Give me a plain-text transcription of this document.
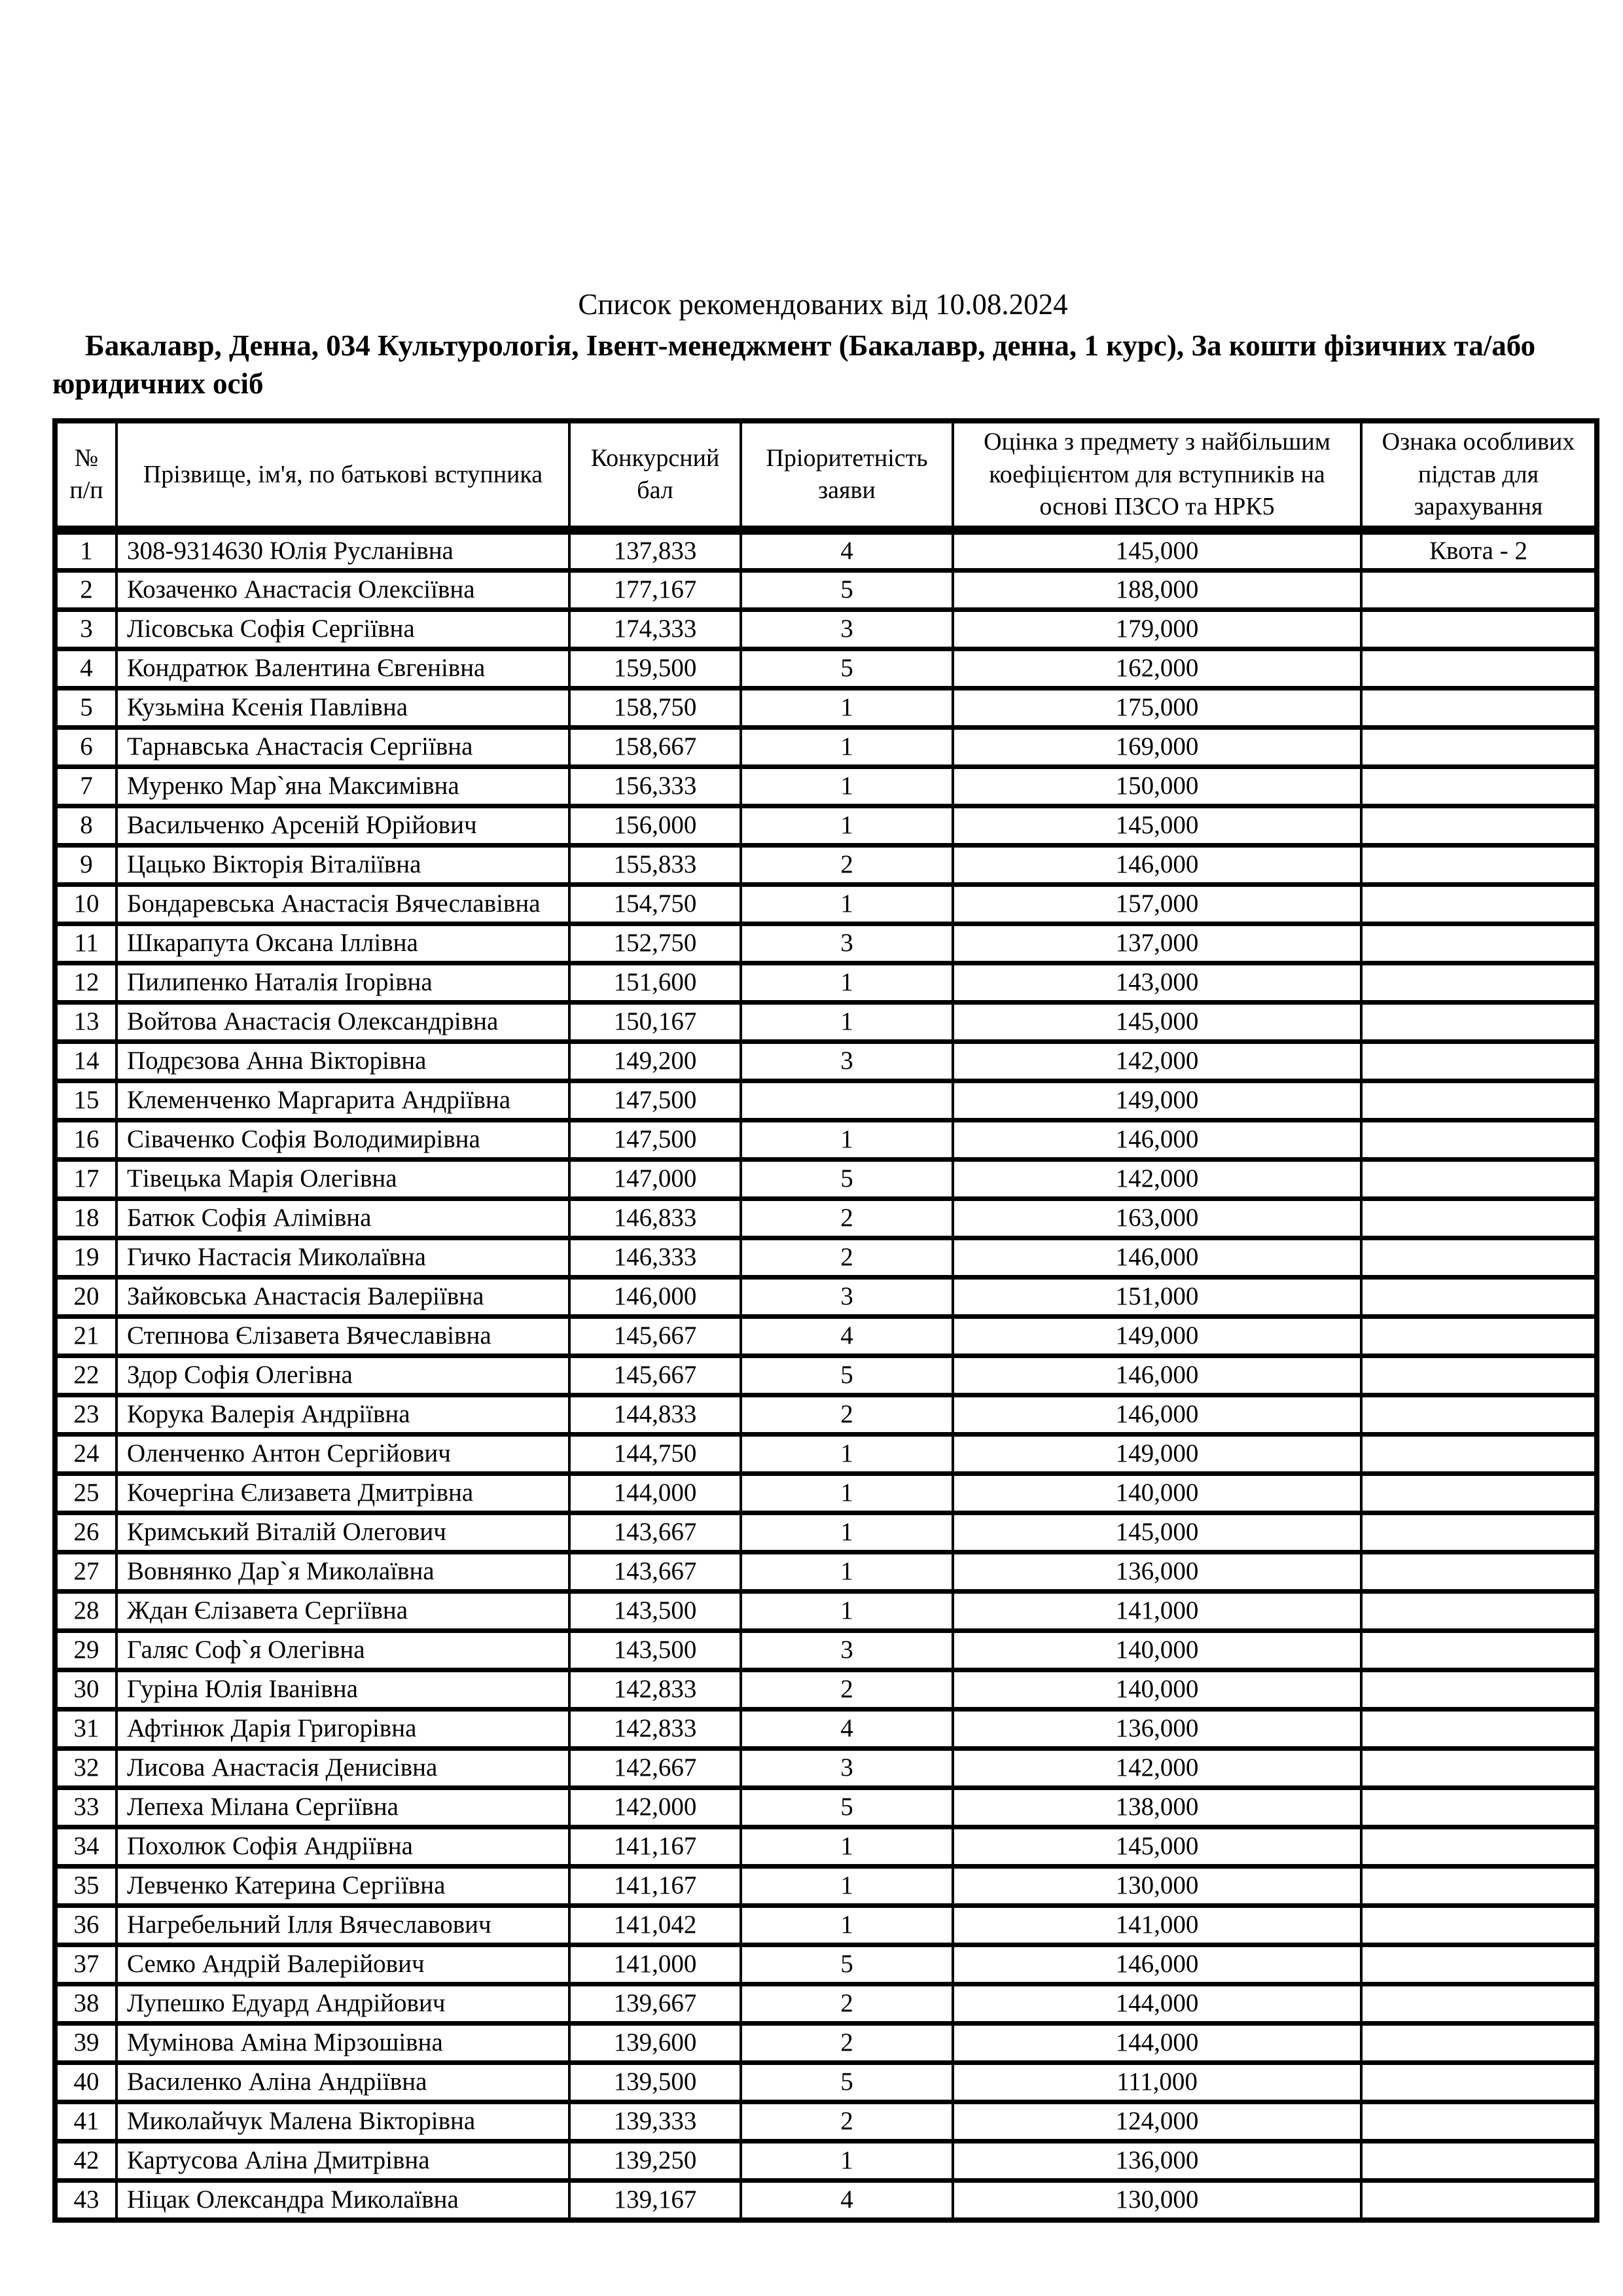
Список рекомендованих від 10.08.2024
Бакалавр, Денна, 034 Культурологія, Івент-менеджмент (Бакалавр, денна, 1 курс), За кошти фізичних та/або юридичних осіб
№ п/п	Прізвище, ім'я, по батькові вступника	Конкурсний бал	Пріоритетність заяви	Оцінка з предмету з найбільшим коефіцієнтом для вступників на основі ПЗСО та НРК5	Ознака особливих підстав для зарахування
1	308-9314630 Юлія Русланівна	137,833	4	145,000	Квота - 2
2	Козаченко Анастасія Олексіївна	177,167	5	188,000	
3	Лісовська Софія Сергіївна	174,333	3	179,000	
4	Кондратюк Валентина Євгенівна	159,500	5	162,000	
5	Кузьміна Ксенія Павлівна	158,750	1	175,000	
6	Тарнавська Анастасія Сергіївна	158,667	1	169,000	
7	Муренко Мар`яна Максимівна	156,333	1	150,000	
8	Васильченко Арсеній Юрійович	156,000	1	145,000	
9	Цацько Вікторія Віталіївна	155,833	2	146,000	
10	Бондаревська Анастасія Вячеславівна	154,750	1	157,000	
11	Шкарапута Оксана Іллівна	152,750	3	137,000	
12	Пилипенко Наталія Ігорівна	151,600	1	143,000	
13	Войтова Анастасія Олександрівна	150,167	1	145,000	
14	Подрєзова Анна Вікторівна	149,200	3	142,000	
15	Клеменченко Маргарита Андріївна	147,500		149,000	
16	Сіваченко Софія Володимирівна	147,500	1	146,000	
17	Тівецька Марія Олегівна	147,000	5	142,000	
18	Батюк Софія Алімівна	146,833	2	163,000	
19	Гичко Настасія Миколаївна	146,333	2	146,000	
20	Зайковська Анастасія Валеріївна	146,000	3	151,000	
21	Степнова Єлізавета Вячеславівна	145,667	4	149,000	
22	Здор Софія Олегівна	145,667	5	146,000	
23	Корука Валерія Андріївна	144,833	2	146,000	
24	Оленченко Антон Сергійович	144,750	1	149,000	
25	Кочергіна Єлизавета Дмитрівна	144,000	1	140,000	
26	Кримський Віталій Олегович	143,667	1	145,000	
27	Вовнянко Дар`я Миколаївна	143,667	1	136,000	
28	Ждан Єлізавета Сергіївна	143,500	1	141,000	
29	Галяс Соф`я Олегівна	143,500	3	140,000	
30	Гуріна Юлія Іванівна	142,833	2	140,000	
31	Афтінюк Дарія Григорівна	142,833	4	136,000	
32	Лисова Анастасія Денисівна	142,667	3	142,000	
33	Лепеха Мілана Сергіївна	142,000	5	138,000	
34	Похолюк Софія Андріївна	141,167	1	145,000	
35	Левченко Катерина Сергіївна	141,167	1	130,000	
36	Нагребельний Ілля Вячеславович	141,042	1	141,000	
37	Семко Андрій Валерійович	141,000	5	146,000	
38	Лупешко Едуард Андрійович	139,667	2	144,000	
39	Мумінова Аміна Мірзошівна	139,600	2	144,000	
40	Василенко Аліна Андріївна	139,500	5	111,000	
41	Миколайчук Малена Вікторівна	139,333	2	124,000	
42	Картусова Аліна Дмитрівна	139,250	1	136,000	
43	Ніцак Олександра Миколаївна	139,167	4	130,000	
